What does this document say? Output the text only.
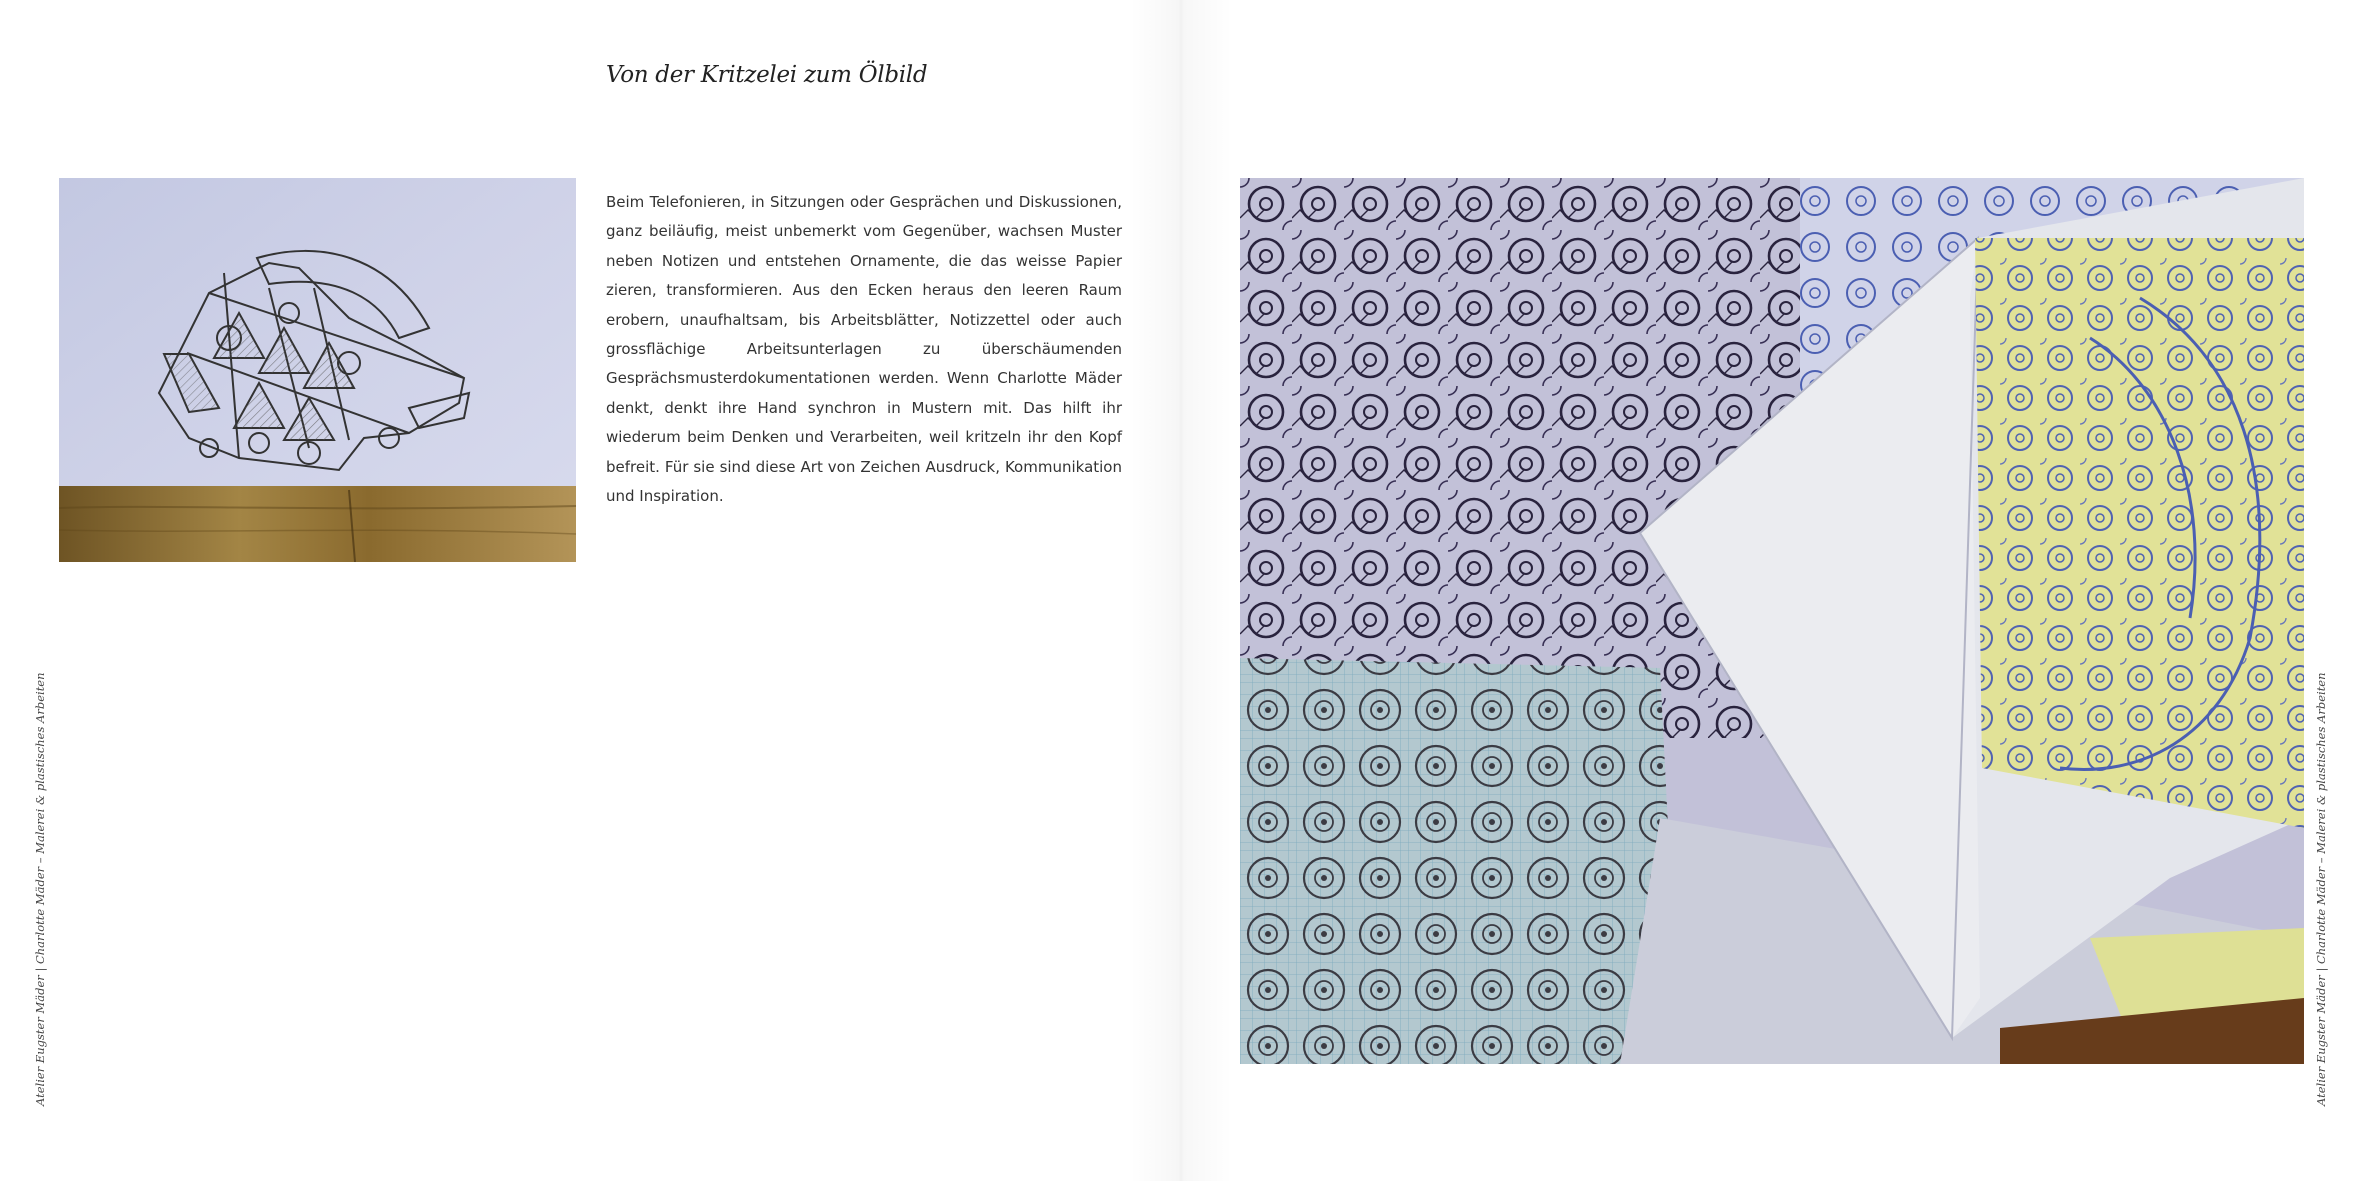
Von der Kritzelei zum Ölbild

Beim Telefonieren, in Sitzungen oder Gesprächen und Diskussionen, ganz beiläufig, meist unbemerkt vom Gegenüber, wachsen Muster neben Notizen und entstehen Ornamente, die das weisse Papier zieren, transformieren. Aus den Ecken heraus den leeren Raum erobern, unaufhaltsam, bis Arbeitsblätter, Notizzettel oder auch grossflächige Arbeitsunterlagen zu überschäumenden Gesprächsmusterdokumentationen werden. Wenn Charlotte Mäder denkt, denkt ihre Hand synchron in Mustern mit. Das hilft ihr wiederum beim Denken und Verarbeiten, weil kritzeln ihr den Kopf befreit. Für sie sind diese Art von Zeichen Ausdruck, Kommunikation und Inspiration.

Atelier Eugster Mäder | Charlotte Mäder – Malerei & plastisches Arbeiten	Atelier Eugster Mäder | Charlotte Mäder – Malerei & plastisches Arbeiten
